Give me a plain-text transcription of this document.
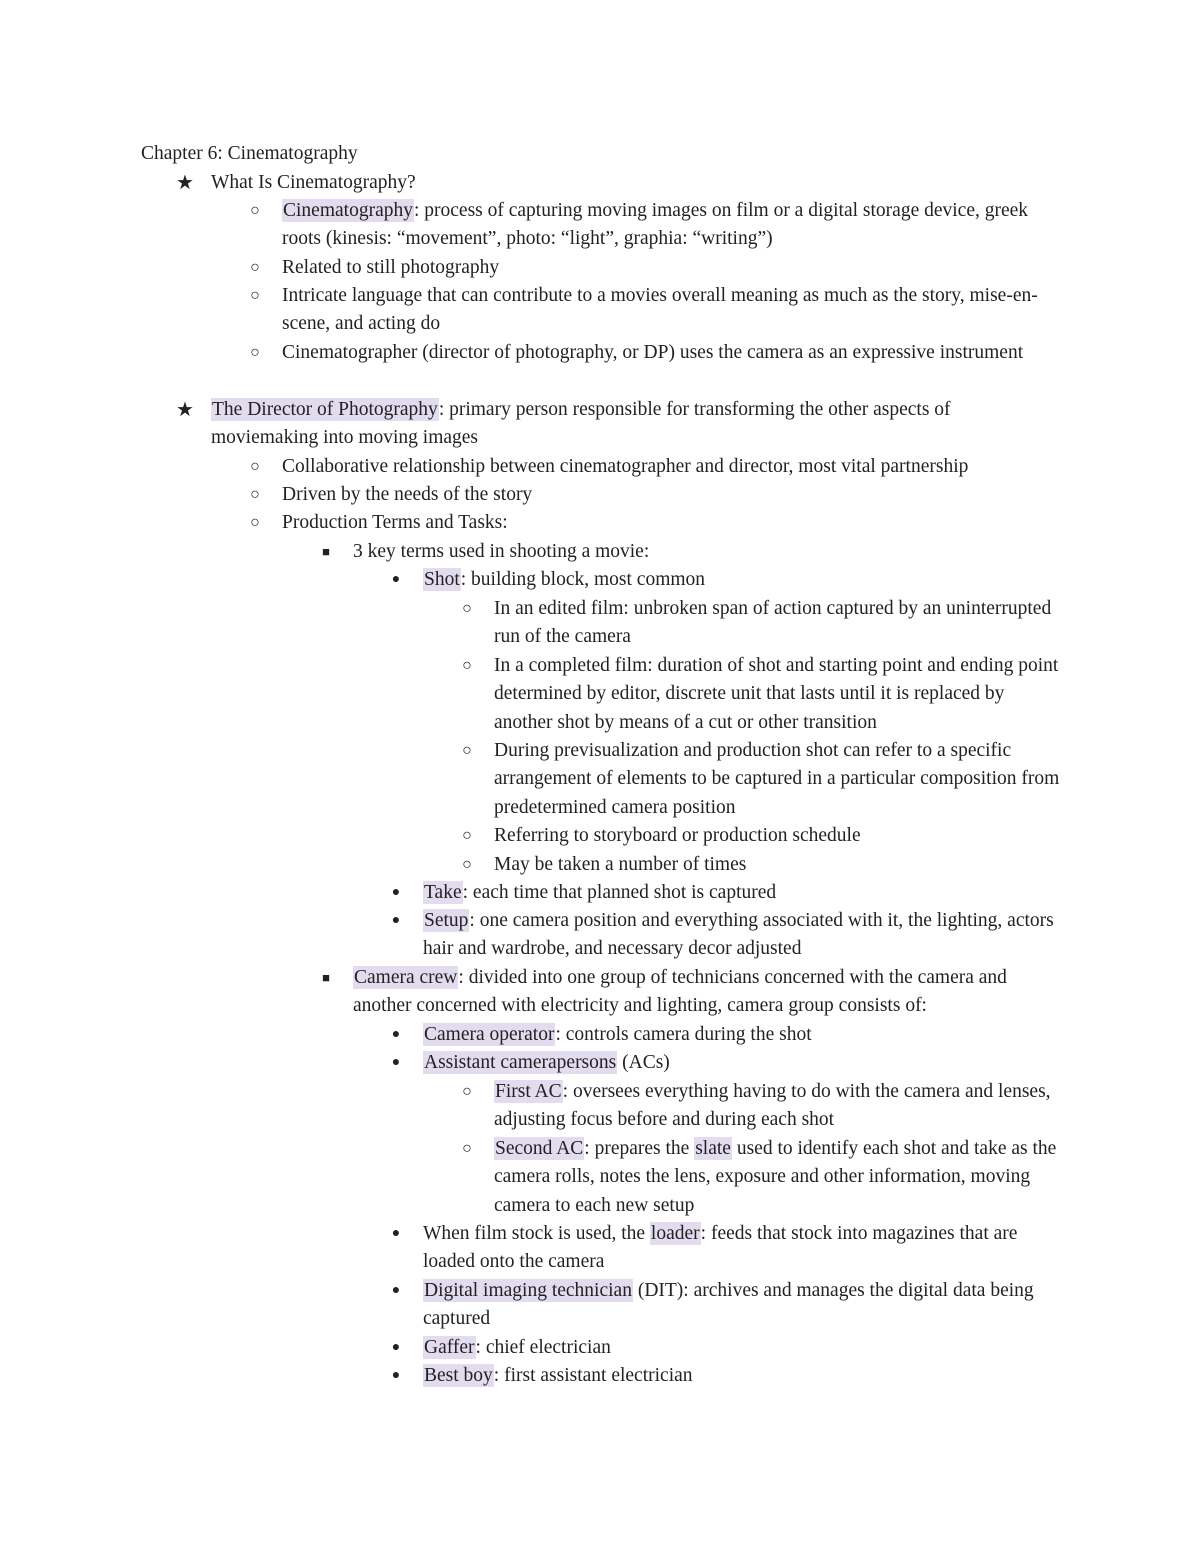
Chapter 6: Cinematography
★ What Is Cinematography?
○ Cinematography: process of capturing moving images on film or a digital storage device, greek roots (kinesis: “movement”, photo: “light”, graphia: “writing”)
○ Related to still photography
○ Intricate language that can contribute to a movies overall meaning as much as the story, mise-en-scene, and acting do
○ Cinematographer (director of photography, or DP) uses the camera as an expressive instrument
★ The Director of Photography: primary person responsible for transforming the other aspects of moviemaking into moving images
○ Collaborative relationship between cinematographer and director, most vital partnership
○ Driven by the needs of the story
○ Production Terms and Tasks:
■	3 key terms used in shooting a movie:
● Shot: building block, most common
○ In an edited film: unbroken span of action captured by an uninterrupted run of the camera
○ In a completed film: duration of shot and starting point and ending point determined by editor, discrete unit that lasts until it is replaced by another shot by means of a cut or other transition
○ During previsualization and production shot can refer to a specific arrangement of elements to be captured in a particular composition from predetermined camera position
○ Referring to storyboard or production schedule
○ May be taken a number of times
● Take: each time that planned shot is captured
● Setup: one camera position and everything associated with it, the lighting, actors hair and wardrobe, and necessary decor adjusted
■	Camera crew: divided into one group of technicians concerned with the camera and another concerned with electricity and lighting, camera group consists of:
● Camera operator: controls camera during the shot
● Assistant camerapersons (ACs)
○ First AC: oversees everything having to do with the camera and lenses, adjusting focus before and during each shot
○ Second AC: prepares the slate used to identify each shot and take as the camera rolls, notes the lens, exposure and other information, moving camera to each new setup
● When film stock is used, the loader: feeds that stock into magazines that are loaded onto the camera
● Digital imaging technician (DIT): archives and manages the digital data being captured
● Gaffer: chief electrician
● Best boy: first assistant electrician
